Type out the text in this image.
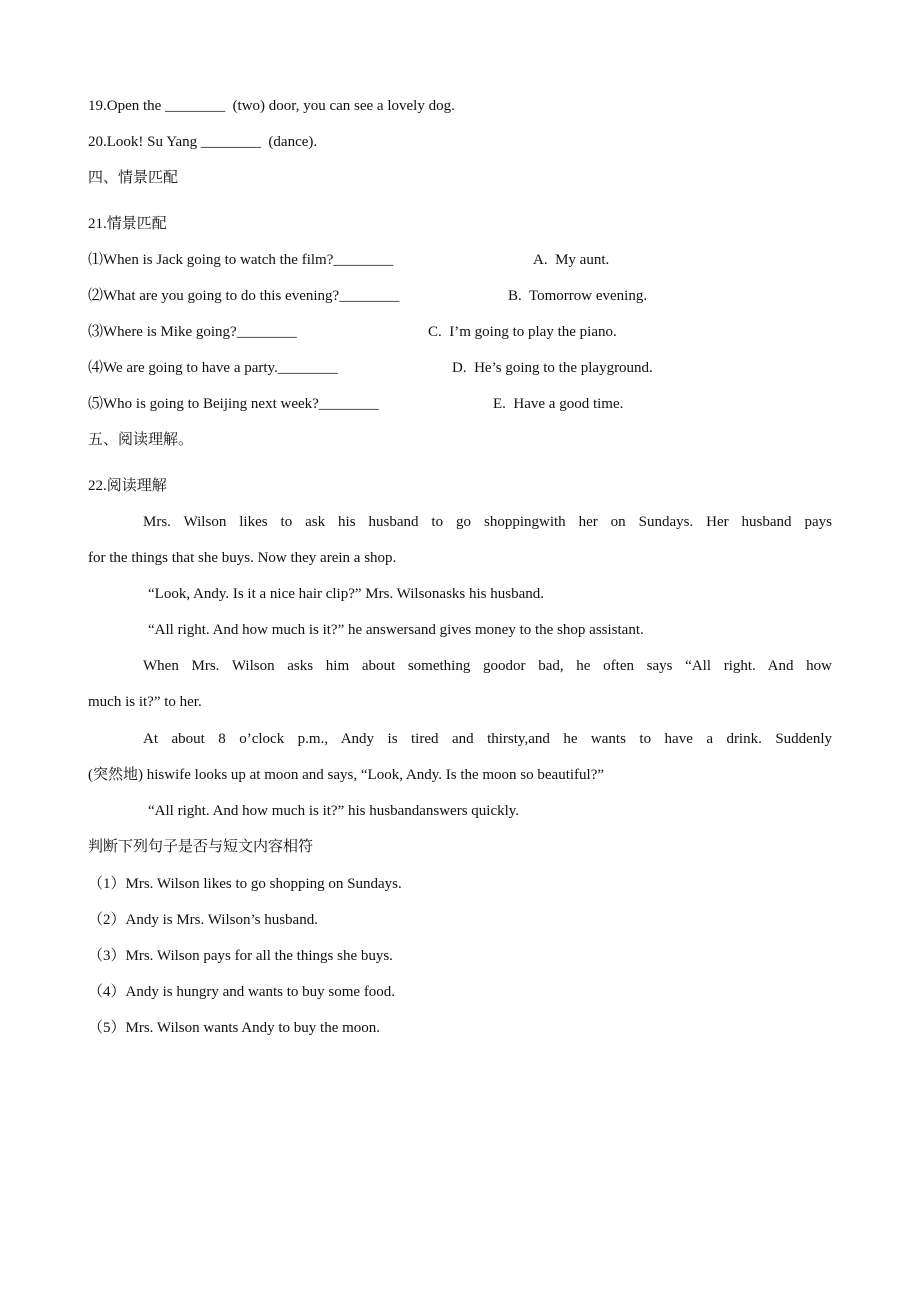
19.Open the ________  (two) door, you can see a lovely dog.
20.Look! Su Yang ________  (dance).
四、情景匹配
21.情景匹配
⑴When is Jack going to watch the film?________	A.  My aunt.
⑵What are you going to do this evening?________	B.  Tomorrow evening.
⑶Where is Mike going?________	C.  I’m going to play the piano.
⑷We are going to have a party.________	D.  He’s going to the playground.
⑸Who is going to Beijing next week?________	E.  Have a good time.
五、阅读理解。
22.阅读理解
Mrs. Wilson likes to ask his husband to go shoppingwith her on Sundays. Her husband pays
for the things that she buys. Now they arein a shop.
“Look, Andy. Is it a nice hair clip?” Mrs. Wilsonasks his husband.
“All right. And how much is it?” he answersand gives money to the shop assistant.
When Mrs. Wilson asks him about something goodor bad, he often says “All right. And how
much is it?” to her.
At about 8 o’clock p.m., Andy is tired and thirsty,and he wants to have a drink. Suddenly
(突然地) hiswife looks up at moon and says, “Look, Andy. Is the moon so beautiful?”
“All right. And how much is it?” his husbandanswers quickly.
判断下列句子是否与短文内容相符
（1）Mrs. Wilson likes to go shopping on Sundays.
（2）Andy is Mrs. Wilson’s husband.
（3）Mrs. Wilson pays for all the things she buys.
（4）Andy is hungry and wants to buy some food.
（5）Mrs. Wilson wants Andy to buy the moon.
